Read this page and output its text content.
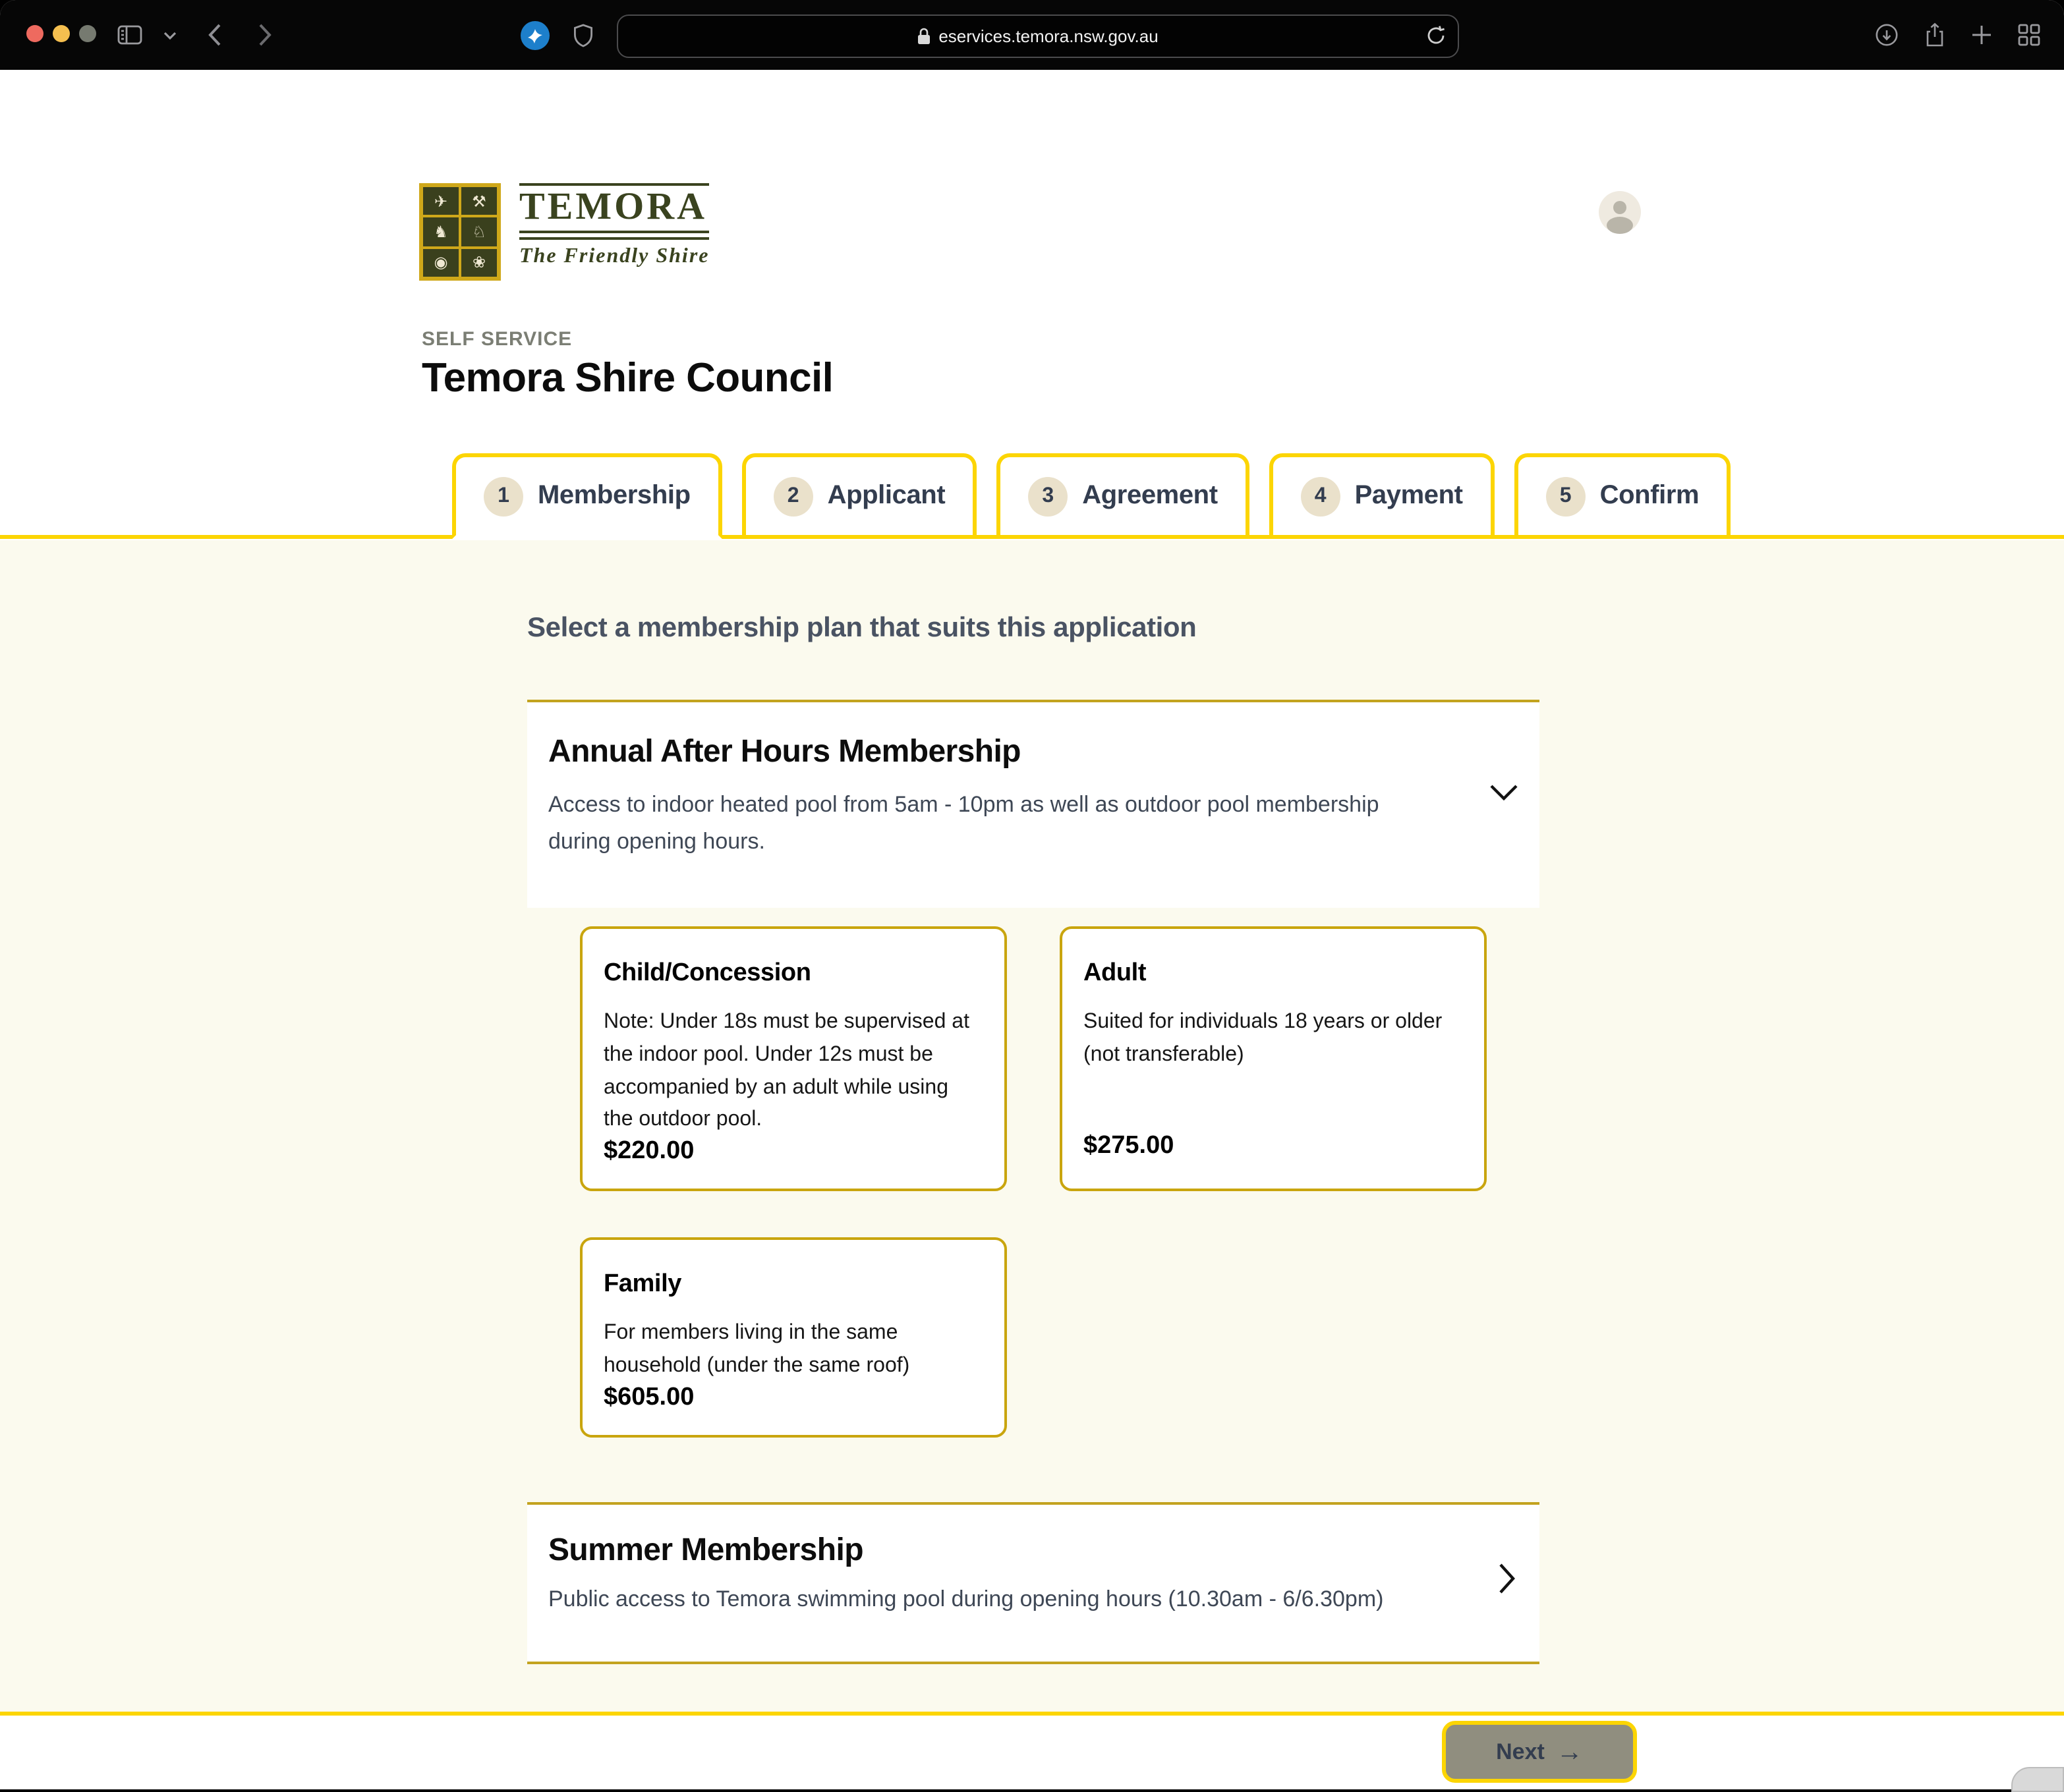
eservices.temora.nsw.gov.au
✈	⚒
♞	♘
◉	❀
TEMORA
The Friendly Shire
SELF SERVICE
Temora Shire Council
1	Membership	2	Applicant	3	Agreement	4	Payment	5	Confirm
Select a membership plan that suits this application
Annual After Hours Membership
Access to indoor heated pool from 5am - 10pm as well as outdoor pool membership during opening hours.
Child/Concession
Note: Under 18s must be supervised at the indoor pool. Under 12s must be accompanied by an adult while using the outdoor pool.
$220.00
Adult
Suited for individuals 18 years or older (not transferable)
$275.00
Family
For members living in the same household (under the same roof)
$605.00
Summer Membership
Public access to Temora swimming pool during opening hours (10.30am - 6/6.30pm)
Next →
